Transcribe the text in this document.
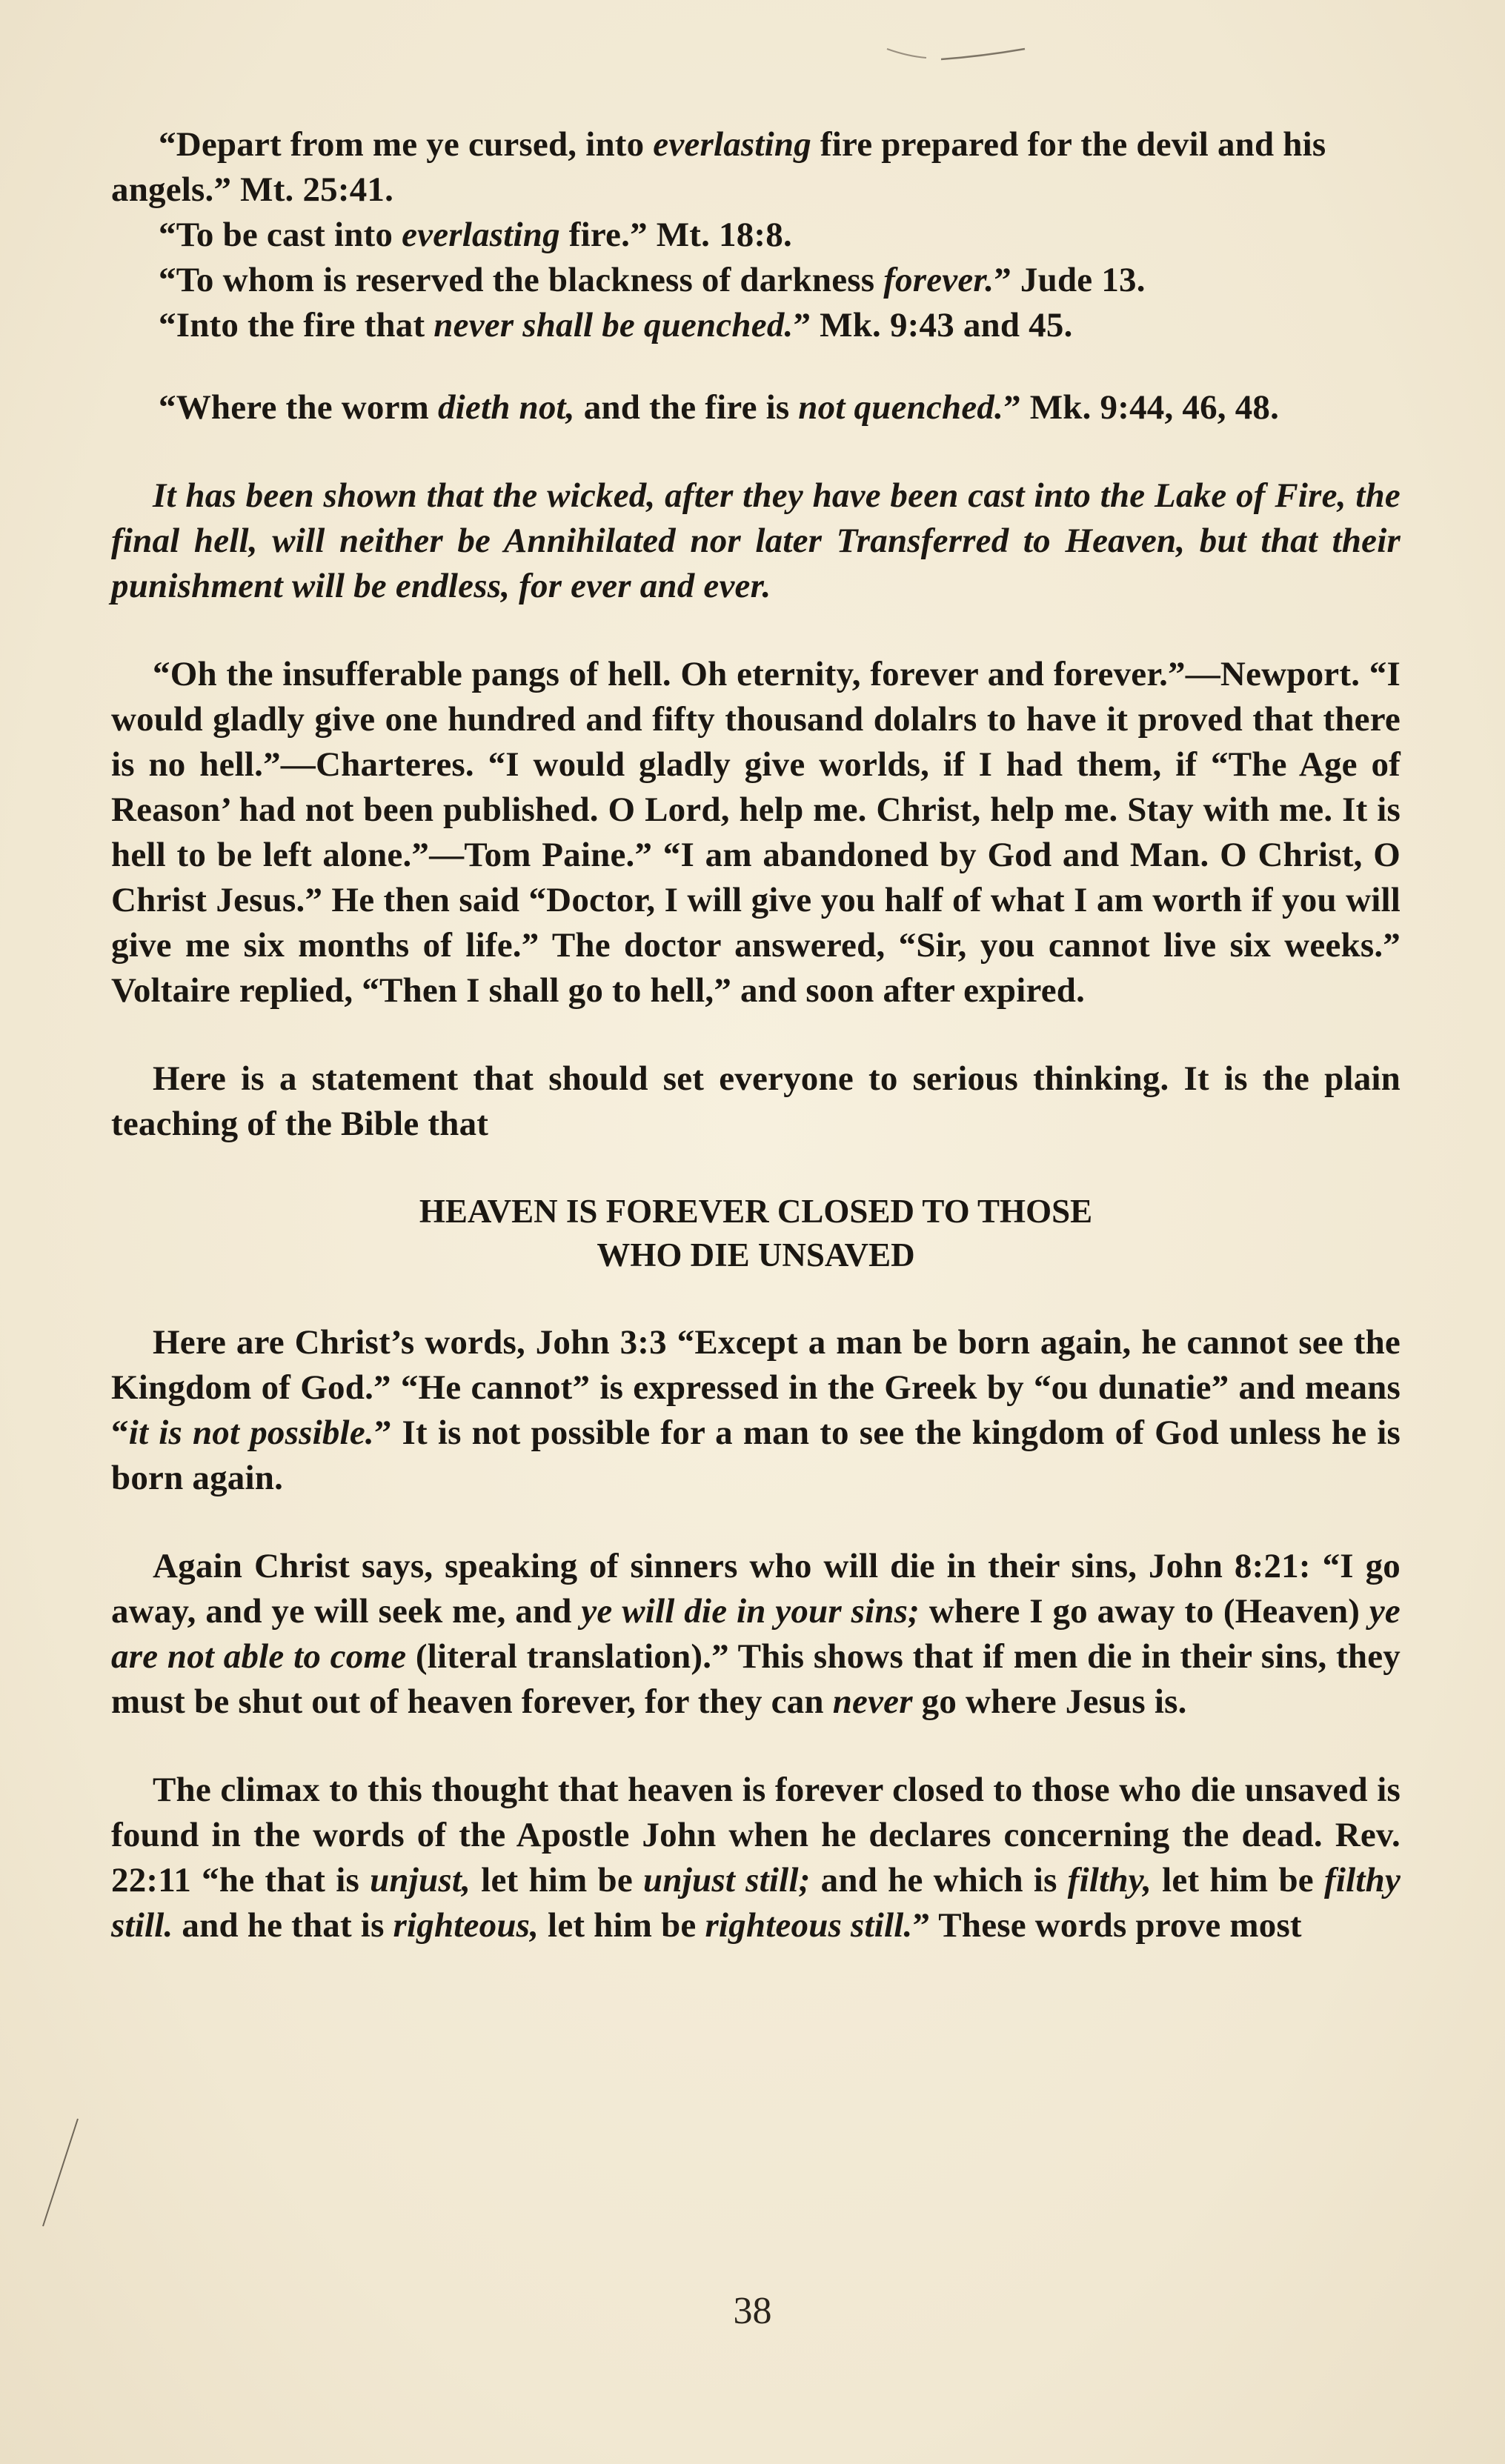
“Depart from me ye cursed, into everlasting fire prepared for the devil and his angels.” Mt. 25:41.

“To be cast into everlasting fire.” Mt. 18:8.

“To whom is reserved the blackness of darkness forever.” Jude 13.

“Into the fire that never shall be quenched.” Mk. 9:43 and 45.

“Where the worm dieth not, and the fire is not quenched.” Mk. 9:44, 46, 48.

It has been shown that the wicked, after they have been cast into the Lake of Fire, the final hell, will neither be Annihilated nor later Transferred to Heaven, but that their punishment will be endless, for ever and ever.

“Oh the insufferable pangs of hell. Oh eternity, forever and forever.”—Newport. “I would gladly give one hundred and fifty thousand dolalrs to have it proved that there is no hell.”—Charteres. “I would gladly give worlds, if I had them, if “The Age of Reason’ had not been published. O Lord, help me. Christ, help me. Stay with me. It is hell to be left alone.”—Tom Paine.” “I am abandoned by God and Man. O Christ, O Christ Jesus.” He then said “Doctor, I will give you half of what I am worth if you will give me six months of life.” The doctor answered, “Sir, you cannot live six weeks.” Voltaire replied, “Then I shall go to hell,” and soon after expired.

Here is a statement that should set everyone to serious thinking. It is the plain teaching of the Bible that

HEAVEN IS FOREVER CLOSED TO THOSE
WHO DIE UNSAVED

Here are Christ’s words, John 3:3 “Except a man be born again, he cannot see the Kingdom of God.” “He cannot” is expressed in the Greek by “ou dunatie” and means “it is not possible.” It is not possible for a man to see the kingdom of God unless he is born again.

Again Christ says, speaking of sinners who will die in their sins, John 8:21: “I go away, and ye will seek me, and ye will die in your sins; where I go away to (Heaven) ye are not able to come (literal translation).” This shows that if men die in their sins, they must be shut out of heaven forever, for they can never go where Jesus is.

The climax to this thought that heaven is forever closed to those who die unsaved is found in the words of the Apostle John when he declares concerning the dead. Rev. 22:11 “he that is unjust, let him be unjust still; and he which is filthy, let him be filthy still. and he that is righteous, let him be righteous still.” These words prove most

38
